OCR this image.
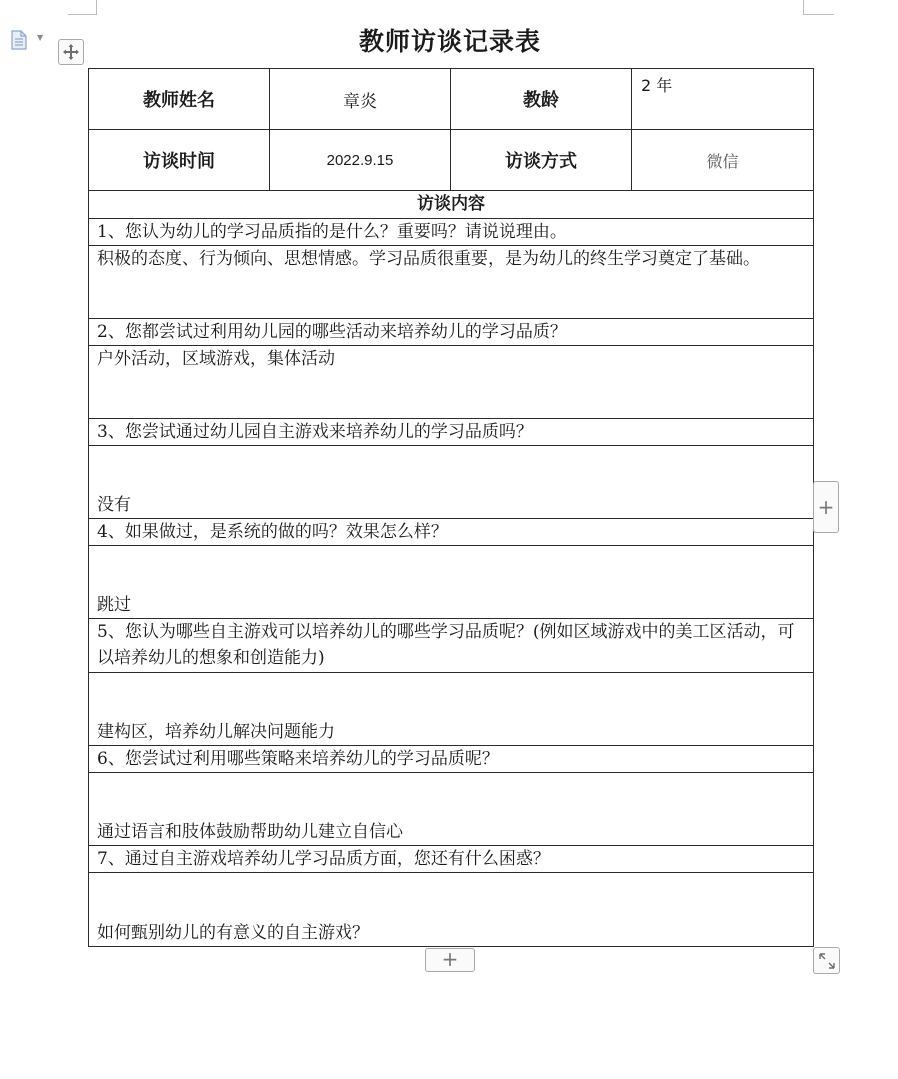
▼	教师访谈记录表
教师姓名	章炎	教龄	2 年
访谈时间	2022.9.15	访谈方式	微信
访谈内容			
1、您认为幼儿的学习品质指的是什么？重要吗？请说说理由。			
积极的态度、行为倾向、思想情感。学习品质很重要，是为幼儿的终生学习奠定了基础。			
2、您都尝试过利用幼儿园的哪些活动来培养幼儿的学习品质？			
户外活动，区域游戏，集体活动			
3、您尝试通过幼儿园自主游戏来培养幼儿的学习品质吗？			
没有			
4、如果做过，是系统的做的吗？效果怎么样？			
跳过			
5、您认为哪些自主游戏可以培养幼儿的哪些学习品质呢？(例如区域游戏中的美工区活动，可以培养幼儿的想象和创造能力)			
建构区，培养幼儿解决问题能力			
6、您尝试过利用哪些策略来培养幼儿的学习品质呢？			
通过语言和肢体鼓励帮助幼儿建立自信心			
7、通过自主游戏培养幼儿学习品质方面，您还有什么困惑？			
如何甄别幼儿的有意义的自主游戏？			
+
+
